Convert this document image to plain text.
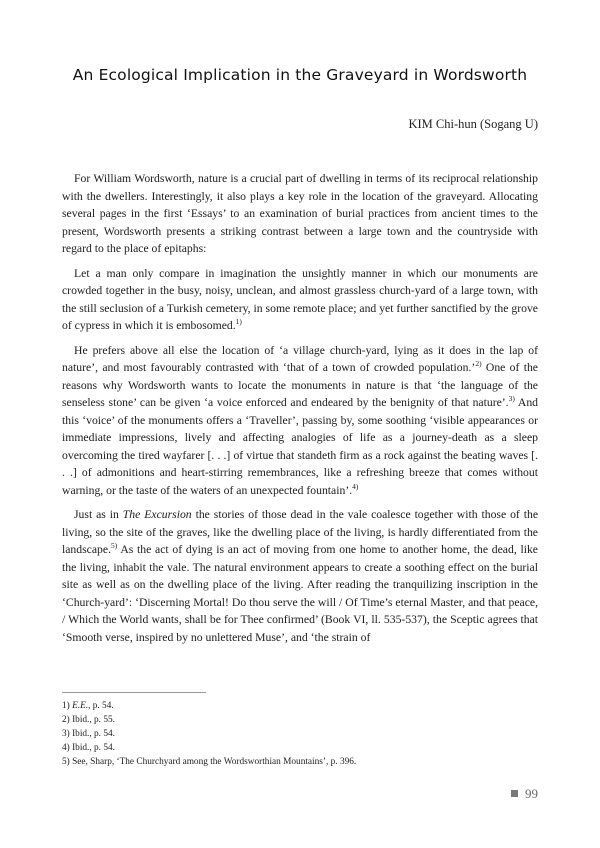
An Ecological Implication in the Graveyard in Wordsworth
KIM Chi-hun (Sogang U)

For William Wordsworth, nature is a crucial part of dwelling in terms of its reciprocal relationship with the dwellers. Interestingly, it also plays a key role in the location of the graveyard. Allocating several pages in the first ‘Essays’ to an examination of burial practices from ancient times to the present, Wordsworth presents a striking contrast between a large town and the countryside with regard to the place of epitaphs:

Let a man only compare in imagination the unsightly manner in which our monuments are crowded together in the busy, noisy, unclean, and almost grassless church-yard of a large town, with the still seclusion of a Turkish cemetery, in some remote place; and yet further sanctified by the grove of cypress in which it is embosomed.$^{1)}$

He prefers above all else the location of ‘a village church-yard, lying as it does in the lap of nature’, and most favourably contrasted with ‘that of a town of crowded population.’$^{2)}$ One of the reasons why Wordsworth wants to locate the monuments in nature is that ‘the language of the senseless stone’ can be given ‘a voice enforced and endeared by the benignity of that nature’.$^{3)}$ And this ‘voice’ of the monuments offers a ‘Traveller’, passing by, some soothing ‘visible appearances or immediate impressions, lively and affecting analogies of life as a journey-death as a sleep overcoming the tired wayfarer [. . .] of virtue that standeth firm as a rock against the beating waves [. . .] of admonitions and heart-stirring remembrances, like a refreshing breeze that comes without warning, or the taste of the waters of an unexpected fountain’.$^{4)}$

Just as in The Excursion the stories of those dead in the vale coalesce together with those of the living, so the site of the graves, like the dwelling place of the living, is hardly differentiated from the landscape.$^{5)}$ As the act of dying is an act of moving from one home to another home, the dead, like the living, inhabit the vale. The natural environment appears to create a soothing effect on the burial site as well as on the dwelling place of the living. After reading the tranquilizing inscription in the ‘Church-yard’: ‘Discerning Mortal! Do thou serve the will / Of Time’s eternal Master, and that peace, / Which the World wants, shall be for Thee confirmed’ (Book VI, ll. 535-537), the Sceptic agrees that ‘Smooth verse, inspired by no unlettered Muse’, and ‘the strain of

1) E.E., p. 54.
2) Ibid., p. 55.
3) Ibid., p. 54.
4) Ibid., p. 54.
5) See, Sharp, ‘The Churchyard among the Wordsworthian Mountains’, p. 396.
99
